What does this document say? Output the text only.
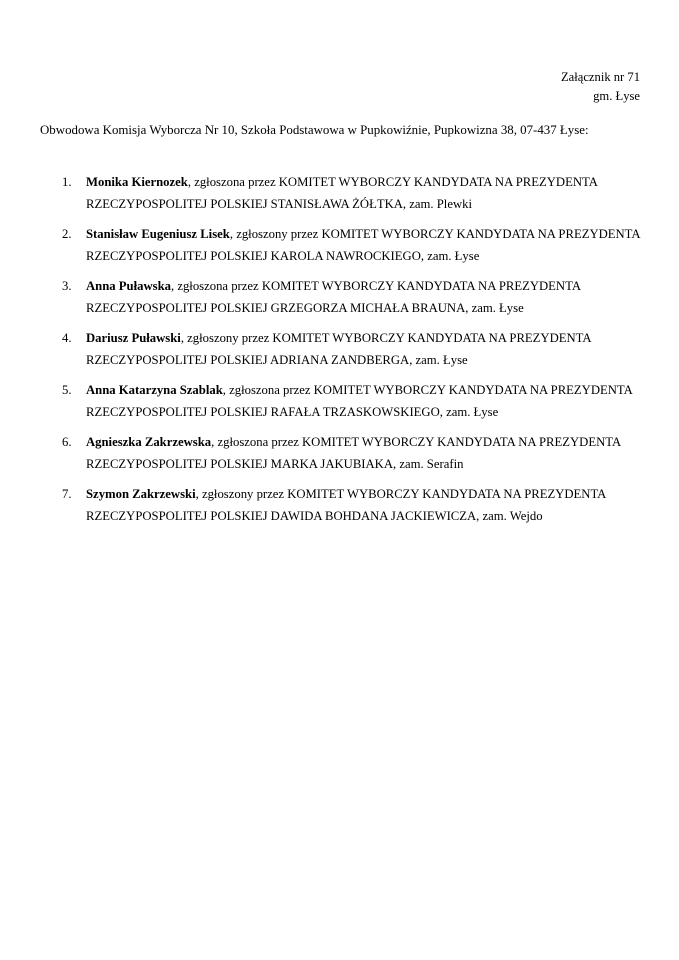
Załącznik nr 71
gm. Łyse
Obwodowa Komisja Wyborcza Nr 10, Szkoła Podstawowa w Pupkowiźnie, Pupkowizna 38, 07-437 Łyse:
1.	Monika Kiernozek, zgłoszona przez KOMITET WYBORCZY KANDYDATA NA PREZYDENTA RZECZYPOSPOLITEJ POLSKIEJ STANISŁAWA ŻÓŁTKA, zam. Plewki
2.	Stanisław Eugeniusz Lisek, zgłoszony przez KOMITET WYBORCZY KANDYDATA NA PREZYDENTA RZECZYPOSPOLITEJ POLSKIEJ KAROLA NAWROCKIEGO, zam. Łyse
3.	Anna Puławska, zgłoszona przez KOMITET WYBORCZY KANDYDATA NA PREZYDENTA RZECZYPOSPOLITEJ POLSKIEJ GRZEGORZA MICHAŁA BRAUNA, zam. Łyse
4.	Dariusz Puławski, zgłoszony przez KOMITET WYBORCZY KANDYDATA NA PREZYDENTA RZECZYPOSPOLITEJ POLSKIEJ ADRIANA ZANDBERGA, zam. Łyse
5.	Anna Katarzyna Szablak, zgłoszona przez KOMITET WYBORCZY KANDYDATA NA PREZYDENTA RZECZYPOSPOLITEJ POLSKIEJ RAFAŁA TRZASKOWSKIEGO, zam. Łyse
6.	Agnieszka Zakrzewska, zgłoszona przez KOMITET WYBORCZY KANDYDATA NA PREZYDENTA RZECZYPOSPOLITEJ POLSKIEJ MARKA JAKUBIAKA, zam. Serafin
7.	Szymon Zakrzewski, zgłoszony przez KOMITET WYBORCZY KANDYDATA NA PREZYDENTA RZECZYPOSPOLITEJ POLSKIEJ DAWIDA BOHDANA JACKIEWICZA, zam. Wejdo
